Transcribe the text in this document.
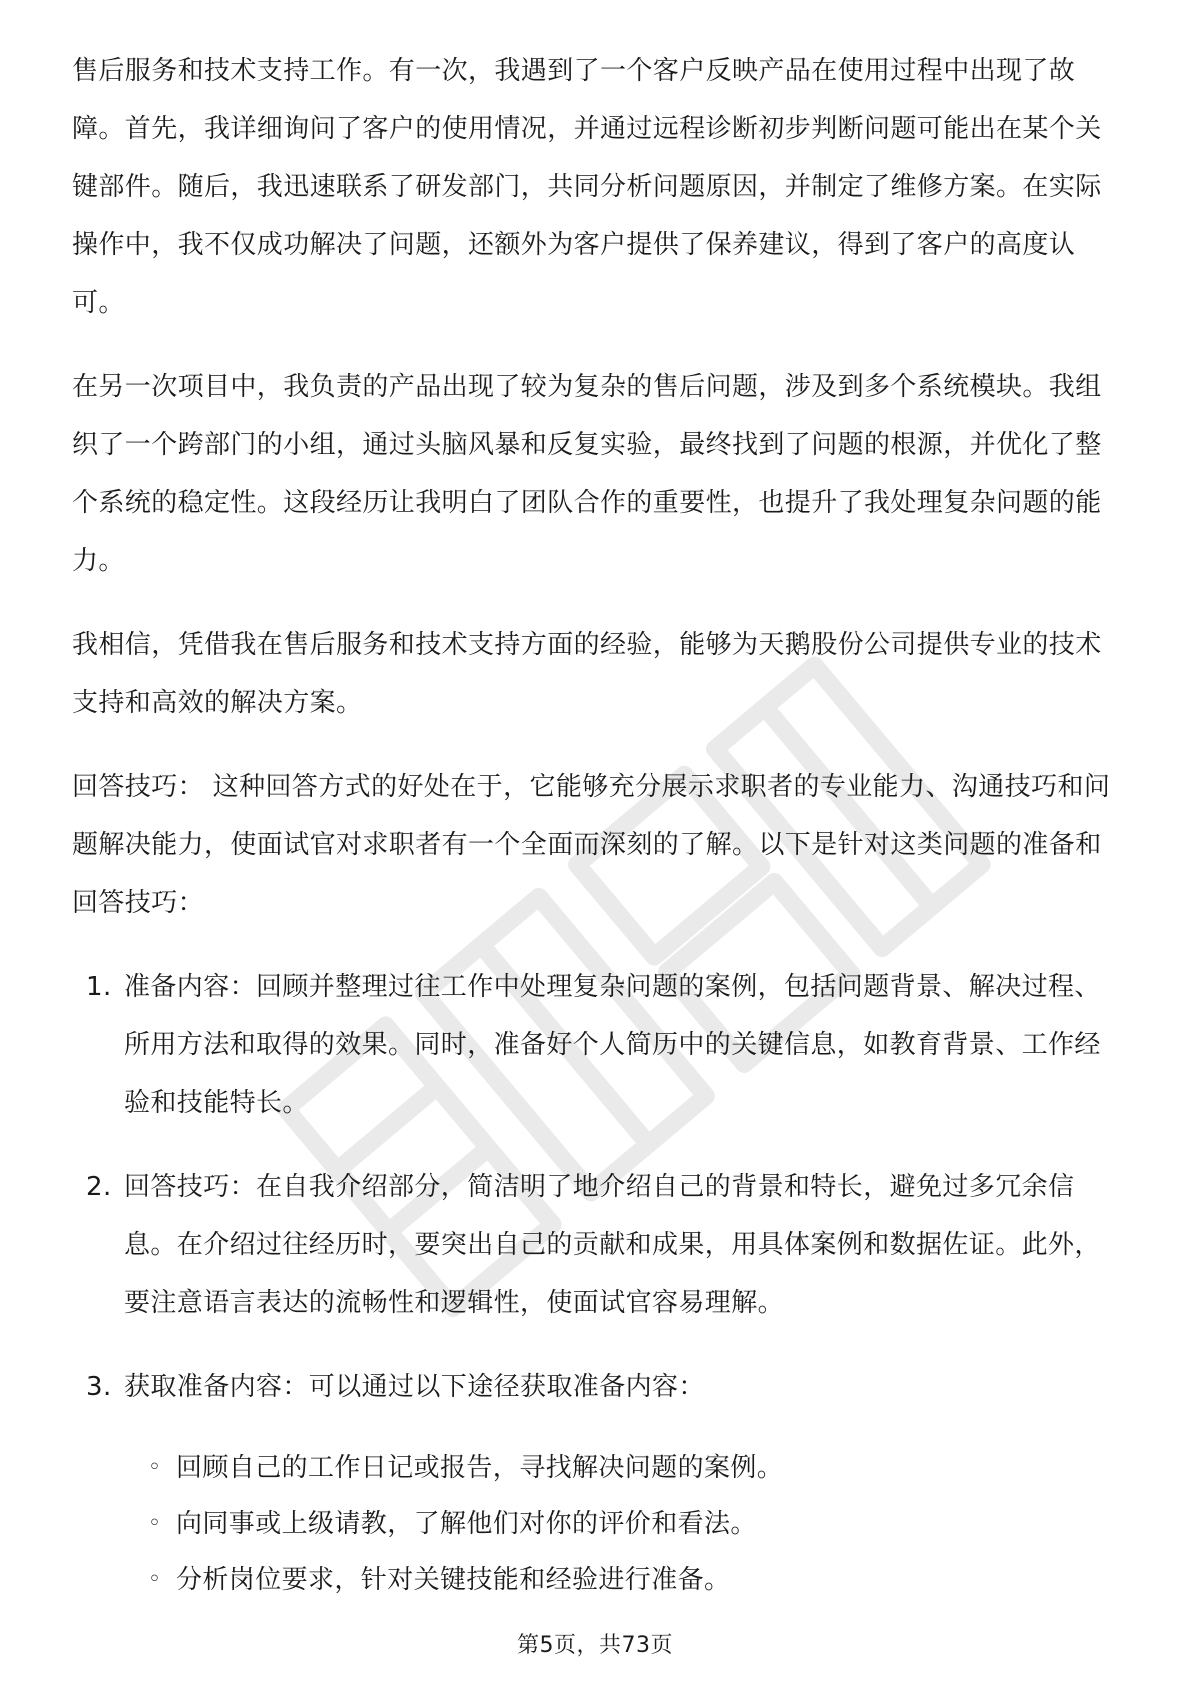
售后服务和技术支持工作。有一次，我遇到了一个客户反映产品在使用过程中出现了故障。首先，我详细询问了客户的使用情况，并通过远程诊断初步判断问题可能出在某个关键部件。随后，我迅速联系了研发部门，共同分析问题原因，并制定了维修方案。在实际操作中，我不仅成功解决了问题，还额外为客户提供了保养建议，得到了客户的高度认可。

在另一次项目中，我负责的产品出现了较为复杂的售后问题，涉及到多个系统模块。我组织了一个跨部门的小组，通过头脑风暴和反复实验，最终找到了问题的根源，并优化了整个系统的稳定性。这段经历让我明白了团队合作的重要性，也提升了我处理复杂问题的能力。

我相信，凭借我在售后服务和技术支持方面的经验，能够为天鹅股份公司提供专业的技术支持和高效的解决方案。

回答技巧： 这种回答方式的好处在于，它能够充分展示求职者的专业能力、沟通技巧和问题解决能力，使面试官对求职者有一个全面而深刻的了解。以下是针对这类问题的准备和回答技巧：

1. 准备内容：回顾并整理过往工作中处理复杂问题的案例，包括问题背景、解决过程、所用方法和取得的效果。同时，准备好个人简历中的关键信息，如教育背景、工作经验和技能特长。
2. 回答技巧：在自我介绍部分，简洁明了地介绍自己的背景和特长，避免过多冗余信息。在介绍过往经历时，要突出自己的贡献和成果，用具体案例和数据佐证。此外，要注意语言表达的流畅性和逻辑性，使面试官容易理解。
3. 获取准备内容：可以通过以下途径获取准备内容：
◦ 回顾自己的工作日记或报告，寻找解决问题的案例。
◦ 向同事或上级请教，了解他们对你的评价和看法。
◦ 分析岗位要求，针对关键技能和经验进行准备。
第5页，共73页
